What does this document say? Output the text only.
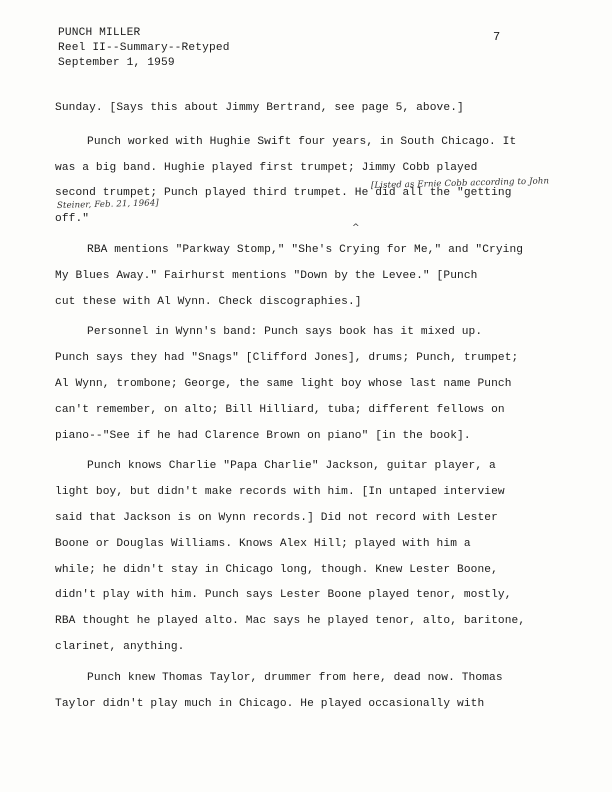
PUNCH MILLER
Reel II--Summary--Retyped
September 1, 1959
7
Sunday. [Says this about Jimmy Bertrand, see page 5, above.]
Punch worked with Hughie Swift four years, in South Chicago. It
was a big band. Hughie played first trumpet; Jimmy Cobb played
second trumpet; Punch played third trumpet. He did all the "getting
off."
[Listed as Ernie Cobb according to John
Steiner, Feb. 21, 1964]
^
RBA mentions "Parkway Stomp," "She's Crying for Me," and "Crying
My Blues Away." Fairhurst mentions "Down by the Levee." [Punch
cut these with Al Wynn. Check discographies.]
Personnel in Wynn's band: Punch says book has it mixed up.
Punch says they had "Snags" [Clifford Jones], drums; Punch, trumpet;
Al Wynn, trombone; George, the same light boy whose last name Punch
can't remember, on alto; Bill Hilliard, tuba; different fellows on
piano--"See if he had Clarence Brown on piano" [in the book].
Punch knows Charlie "Papa Charlie" Jackson, guitar player, a
light boy, but didn't make records with him. [In untaped interview
said that Jackson is on Wynn records.] Did not record with Lester
Boone or Douglas Williams. Knows Alex Hill; played with him a
while; he didn't stay in Chicago long, though. Knew Lester Boone,
didn't play with him. Punch says Lester Boone played tenor, mostly,
RBA thought he played alto. Mac says he played tenor, alto, baritone,
clarinet, anything.
Punch knew Thomas Taylor, drummer from here, dead now. Thomas
Taylor didn't play much in Chicago. He played occasionally with
